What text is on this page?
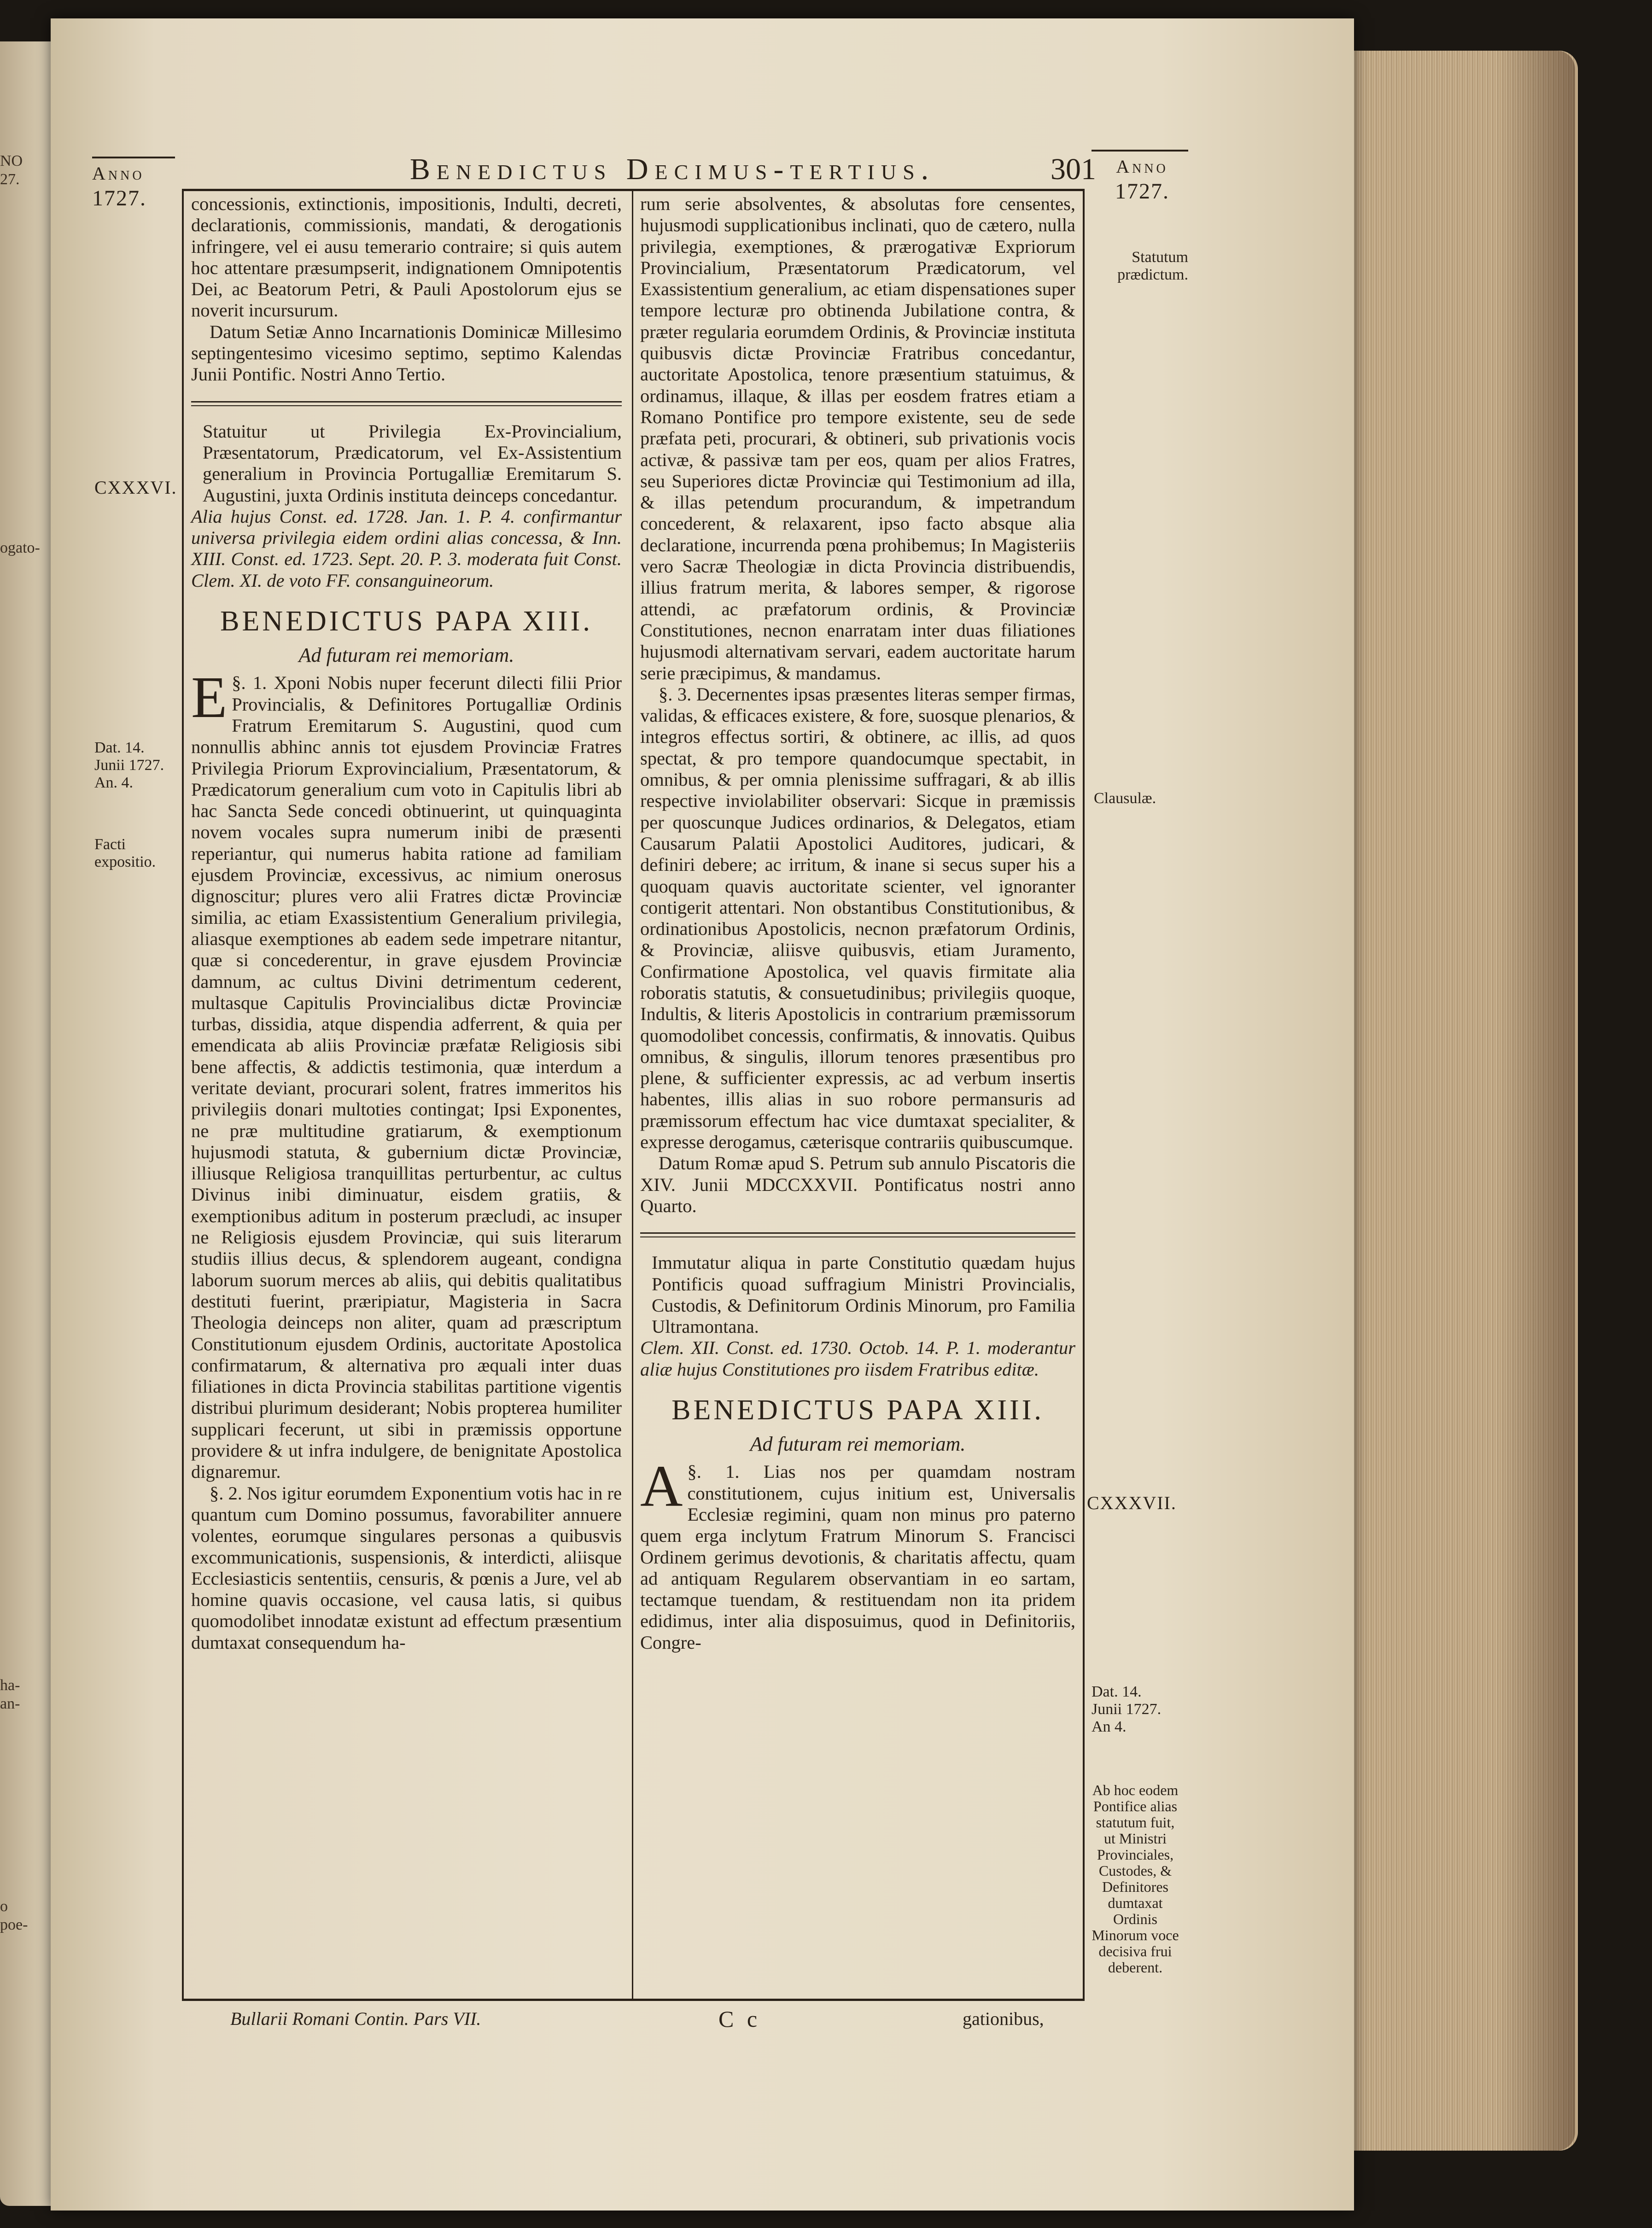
NO
27.
ogato-
ha-
an-
o poe-
Anno
1727.
Benedictus Decimus-tertius.	301	Anno
1727.
CXXXVI.
Dat. 14. Junii 1727. An. 4.
Facti expositio.
Statutum prædictum.
Clausulæ.
CXXXVII.
Dat. 14. Junii 1727. An 4.
Ab hoc eodem Pontifice alias statutum fuit, ut Ministri Provinciales, Custodes, & Definitores dumtaxat Ordinis Minorum voce decisiva frui deberent.

concessionis, extinctionis, impositionis, Indulti, decreti, declarationis, commissionis, mandati, & derogationis infringere, vel ei ausu temerario contraire; si quis autem hoc attentare præsumpserit, indignationem Omnipotentis Dei, ac Beatorum Petri, & Pauli Apostolorum ejus se noverit incursurum.

Datum Setiæ Anno Incarnationis Dominicæ Millesimo septingentesimo vicesimo septimo, septimo Kalendas Junii Pontific. Nostri Anno Tertio.

Statuitur ut Privilegia Ex-Provincialium, Præsentatorum, Prædicatorum, vel Ex-Assistentium generalium in Provincia Portugalliæ Eremitarum S. Augustini, juxta Ordinis instituta deinceps concedantur.

Alia hujus Const. ed. 1728. Jan. 1. P. 4. confirmantur universa privilegia eidem ordini alias concessa, & Inn. XIII. Const. ed. 1723. Sept. 20. P. 3. moderata fuit Const. Clem. XI. de voto FF. consanguineorum.

BENEDICTUS PAPA XIII.
Ad futuram rei memoriam.

§. 1.
E	Xponi Nobis nuper fecerunt dilecti filii Prior Provincialis, & Definitores Portugalliæ Ordinis Fratrum Eremitarum S. Augustini, quod cum nonnullis abhinc annis tot ejusdem Provinciæ Fratres Privilegia Priorum Exprovincialium, Præsentatorum, & Prædicatorum generalium cum voto in Capitulis libri ab hac Sancta Sede concedi obtinuerint, ut quinquaginta novem vocales supra numerum inibi de præsenti reperiantur, qui numerus habita ratione ad familiam ejusdem Provinciæ, excessivus, ac nimium onerosus dignoscitur; plures vero alii Fratres dictæ Provinciæ similia, ac etiam Exassistentium Generalium privilegia, aliasque exemptiones ab eadem sede impetrare nitantur, quæ si concederentur, in grave ejusdem Provinciæ damnum, ac cultus Divini detrimentum cederent, multasque Capitulis Provincialibus dictæ Provinciæ turbas, dissidia, atque dispendia adferrent, & quia per emendicata ab aliis Provinciæ præfatæ Religiosis sibi bene affectis, & addictis testimonia, quæ interdum a veritate deviant, procurari solent, fratres immeritos his privilegiis donari multoties contingat; Ipsi Exponentes, ne præ multitudine gratiarum, & exemptionum hujusmodi statuta, & gubernium dictæ Provinciæ, illiusque Religiosa tranquillitas perturbentur, ac cultus Divinus inibi diminuatur, eisdem gratiis, & exemptionibus aditum in posterum præcludi, ac insuper ne Religiosis ejusdem Provinciæ, qui suis literarum studiis illius decus, & splendorem augeant, condigna laborum suorum merces ab aliis, qui debitis qualitatibus destituti fuerint, præripiatur, Magisteria in Sacra Theologia deinceps non aliter, quam ad præscriptum Constitutionum ejusdem Ordinis, auctoritate Apostolica confirmatarum, & alternativa pro æquali inter duas filiationes in dicta Provincia stabilitas partitione vigentis distribui plurimum desiderant; Nobis propterea humiliter supplicari fecerunt, ut sibi in præmissis opportune providere & ut infra indulgere, de benignitate Apostolica dignaremur.

§. 2. Nos igitur eorumdem Exponentium votis hac in re quantum cum Domino possumus, favorabiliter annuere volentes, eorumque singulares personas a quibusvis excommunicationis, suspensionis, & interdicti, aliisque Ecclesiasticis sententiis, censuris, & pœnis a Jure, vel ab homine quavis occasione, vel causa latis, si quibus quomodolibet innodatæ existunt ad effectum præsentium dumtaxat consequendum ha-

rum serie absolventes, & absolutas fore censentes, hujusmodi supplicationibus inclinati, quo de cætero, nulla privilegia, exemptiones, & prærogativæ Expriorum Provincialium, Præsentatorum Prædicatorum, vel Exassistentium generalium, ac etiam dispensationes super tempore lecturæ pro obtinenda Jubilatione contra, & præter regularia eorumdem Ordinis, & Provinciæ instituta quibusvis dictæ Provinciæ Fratribus concedantur, auctoritate Apostolica, tenore præsentium statuimus, & ordinamus, illaque, & illas per eosdem fratres etiam a Romano Pontifice pro tempore existente, seu de sede præfata peti, procurari, & obtineri, sub privationis vocis activæ, & passivæ tam per eos, quam per alios Fratres, seu Superiores dictæ Provinciæ qui Testimonium ad illa, & illas petendum procurandum, & impetrandum concederent, & relaxarent, ipso facto absque alia declaratione, incurrenda pœna prohibemus; In Magisteriis vero Sacræ Theologiæ in dicta Provincia distribuendis, illius fratrum merita, & labores semper, & rigorose attendi, ac præfatorum ordinis, & Provinciæ Constitutiones, necnon enarratam inter duas filiationes hujusmodi alternativam servari, eadem auctoritate harum serie præcipimus, & mandamus.

§. 3. Decernentes ipsas præsentes literas semper firmas, validas, & efficaces existere, & fore, suosque plenarios, & integros effectus sortiri, & obtinere, ac illis, ad quos spectat, & pro tempore quandocumque spectabit, in omnibus, & per omnia plenissime suffragari, & ab illis respective inviolabiliter observari: Sicque in præmissis per quoscunque Judices ordinarios, & Delegatos, etiam Causarum Palatii Apostolici Auditores, judicari, & definiri debere; ac irritum, & inane si secus super his a quoquam quavis auctoritate scienter, vel ignoranter contigerit attentari. Non obstantibus Constitutionibus, & ordinationibus Apostolicis, necnon præfatorum Ordinis, & Provinciæ, aliisve quibusvis, etiam Juramento, Confirmatione Apostolica, vel quavis firmitate alia roboratis statutis, & consuetudinibus; privilegiis quoque, Indultis, & literis Apostolicis in contrarium præmissorum quomodolibet concessis, confirmatis, & innovatis. Quibus omnibus, & singulis, illorum tenores præsentibus pro plene, & sufficienter expressis, ac ad verbum insertis habentes, illis alias in suo robore permansuris ad præmissorum effectum hac vice dumtaxat specialiter, & expresse derogamus, cæterisque contrariis quibuscumque.

Datum Romæ apud S. Petrum sub annulo Piscatoris die XIV. Junii MDCCXXVII. Pontificatus nostri anno Quarto.

Immutatur aliqua in parte Constitutio quædam hujus Pontificis quoad suffragium Ministri Provincialis, Custodis, & Definitorum Ordinis Minorum, pro Familia Ultramontana.

Clem. XII. Const. ed. 1730. Octob. 14. P. 1. moderantur aliæ hujus Constitutiones pro iisdem Fratribus editæ.

BENEDICTUS PAPA XIII.
Ad futuram rei memoriam.

§. 1.
A	Lias nos per quamdam nostram constitutionem, cujus initium est, Universalis Ecclesiæ regimini, quam non minus pro paterno quem erga inclytum Fratrum Minorum S. Francisci Ordinem gerimus devotionis, & charitatis affectu, quam ad antiquam Regularem observantiam in eo sartam, tectamque tuendam, & restituendam non ita pridem edidimus, inter alia disposuimus, quod in Definitoriis, Congre-

Bullarii Romani Contin. Pars VII.	C c	gationibus,
